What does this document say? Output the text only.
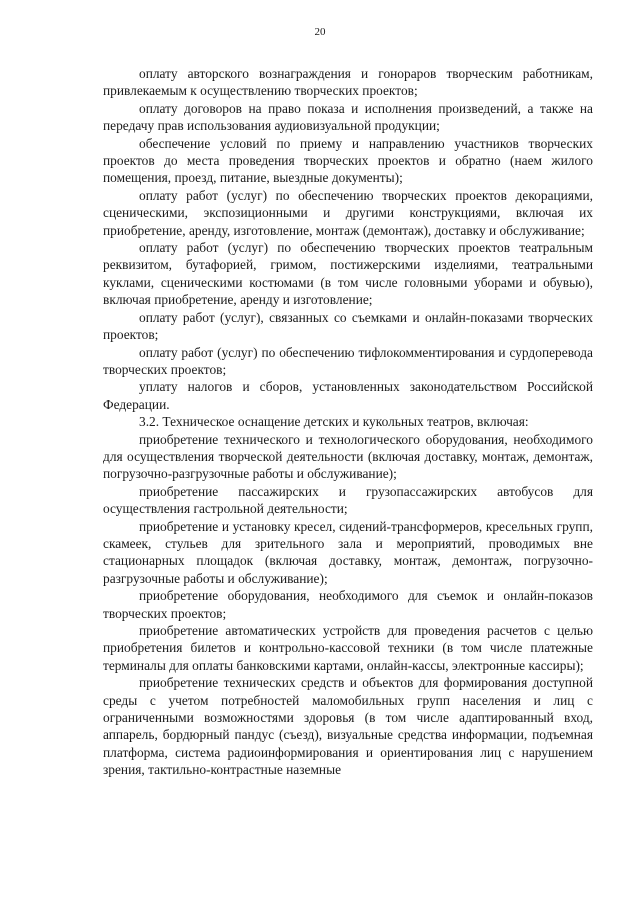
20

оплату авторского вознаграждения и гонораров творческим работникам, привлекаемым к осуществлению творческих проектов;

оплату договоров на право показа и исполнения произведений, а также на передачу прав использования аудиовизуальной продукции;

обеспечение условий по приему и направлению участников творческих проектов до места проведения творческих проектов и обратно (наем жилого помещения, проезд, питание, выездные документы);

оплату работ (услуг) по обеспечению творческих проектов декорациями, сценическими, экспозиционными и другими конструкциями, включая их приобретение, аренду, изготовление, монтаж (демонтаж), доставку и обслуживание;

оплату работ (услуг) по обеспечению творческих проектов театральным реквизитом, бутафорией, гримом, постижерскими изделиями, театральными куклами, сценическими костюмами (в том числе головными уборами и обувью), включая приобретение, аренду и изготовление;

оплату работ (услуг), связанных со съемками и онлайн-показами творческих проектов;

оплату работ (услуг) по обеспечению тифлокомментирования и сурдоперевода творческих проектов;

уплату налогов и сборов, установленных законодательством Российской Федерации.

3.2. Техническое оснащение детских и кукольных театров, включая:

приобретение технического и технологического оборудования, необходимого для осуществления творческой деятельности (включая доставку, монтаж, демонтаж, погрузочно-разгрузочные работы и обслуживание);

приобретение пассажирских и грузопассажирских автобусов для осуществления гастрольной деятельности;

приобретение и установку кресел, сидений-трансформеров, кресельных групп, скамеек, стульев для зрительного зала и мероприятий, проводимых вне стационарных площадок (включая доставку, монтаж, демонтаж, погрузочно-разгрузочные работы и обслуживание);

приобретение оборудования, необходимого для съемок и онлайн-показов творческих проектов;

приобретение автоматических устройств для проведения расчетов с целью приобретения билетов и контрольно-кассовой техники (в том числе платежные терминалы для оплаты банковскими картами, онлайн-кассы, электронные кассиры);

приобретение технических средств и объектов для формирования доступной среды с учетом потребностей маломобильных групп населения и лиц с ограниченными возможностями здоровья (в том числе адаптированный вход, аппарель, бордюрный пандус (съезд), визуальные средства информации, подъемная платформа, система радиоинформирования и ориентирования лиц с нарушением зрения, тактильно-контрастные наземные
